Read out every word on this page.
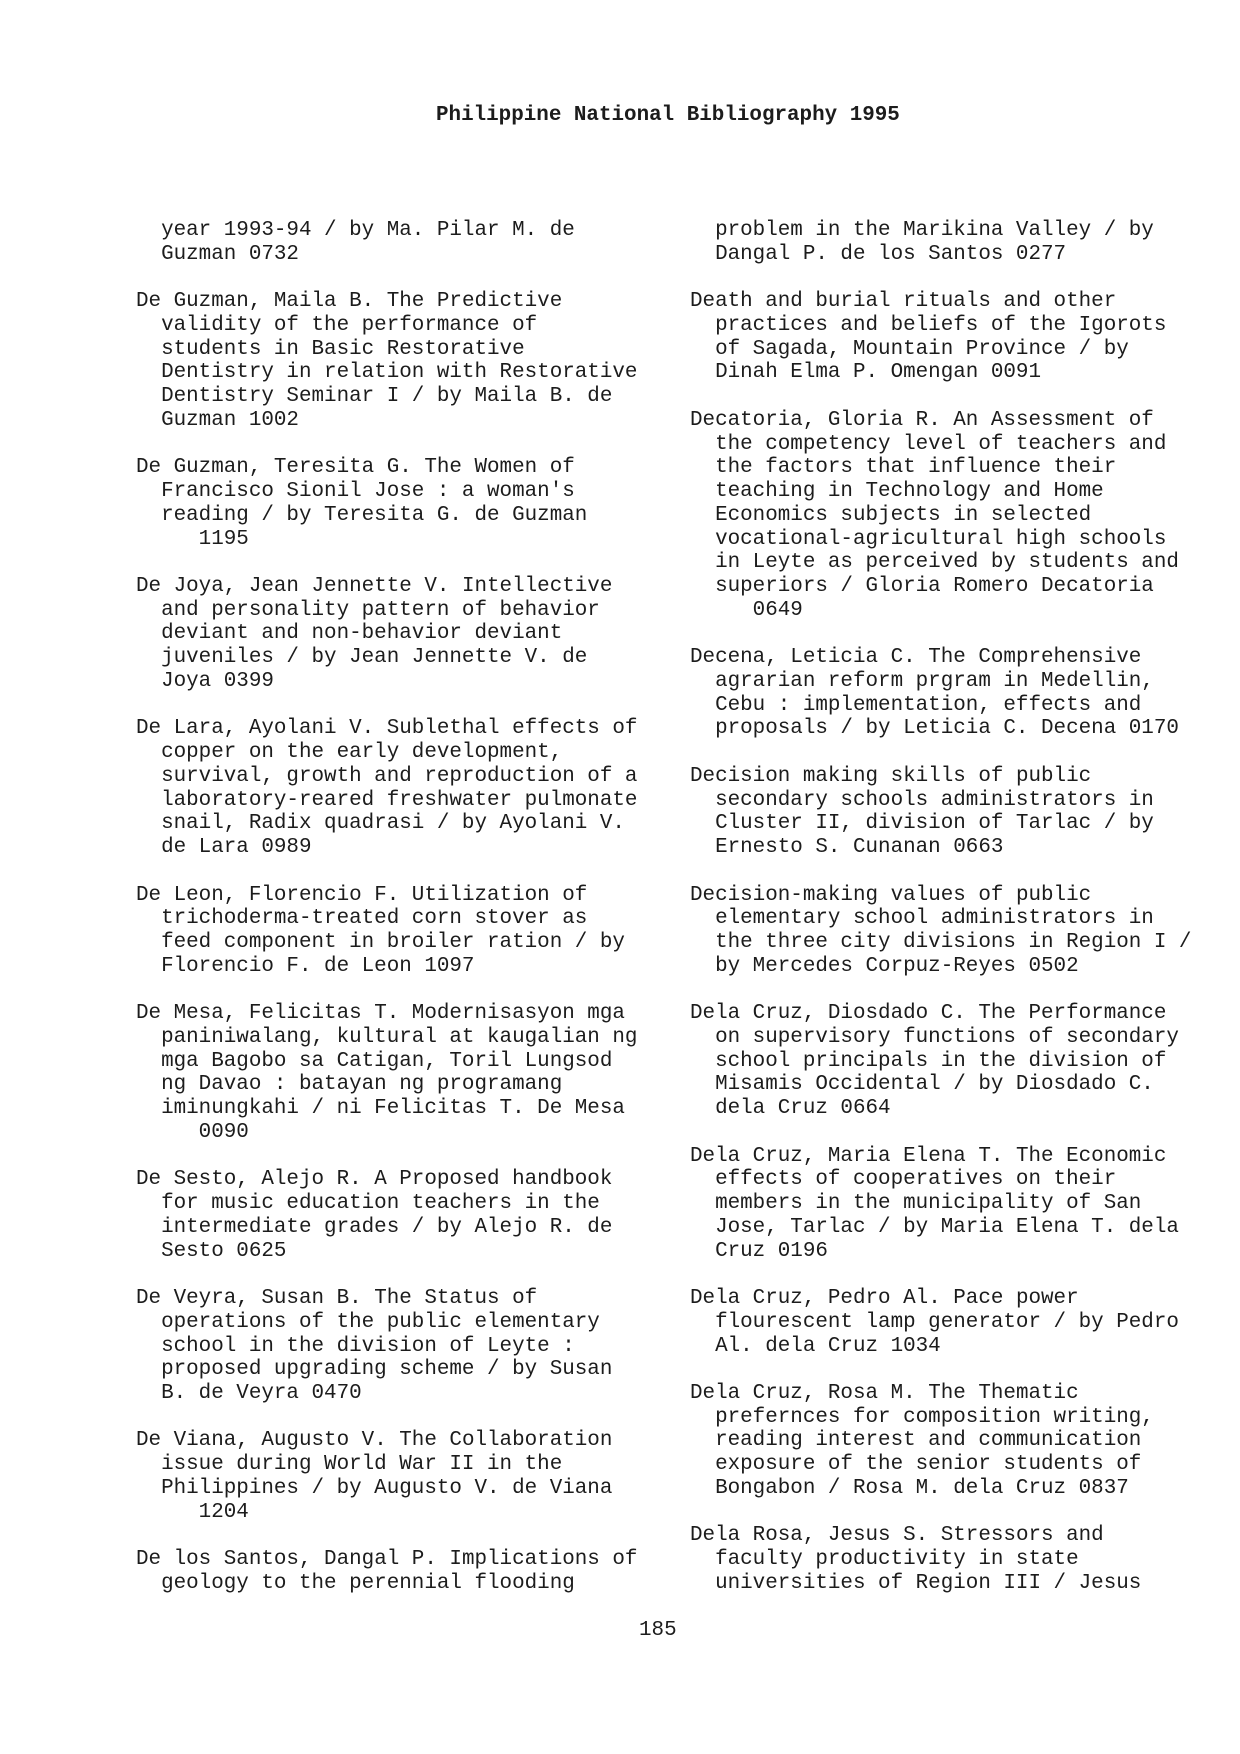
Philippine National Bibliography 1995
year 1993-94 / by Ma. Pilar M. de
Guzman 0732
De Guzman, Maila B. The Predictive
validity of the performance of
students in Basic Restorative
Dentistry in relation with Restorative
Dentistry Seminar I / by Maila B. de
Guzman 1002
De Guzman, Teresita G. The Women of
Francisco Sionil Jose : a woman's
reading / by Teresita G. de Guzman
1195
De Joya, Jean Jennette V. Intellective
and personality pattern of behavior
deviant and non-behavior deviant
juveniles / by Jean Jennette V. de
Joya 0399
De Lara, Ayolani V. Sublethal effects of
copper on the early development,
survival, growth and reproduction of a
laboratory-reared freshwater pulmonate
snail, Radix quadrasi / by Ayolani V.
de Lara 0989
De Leon, Florencio F. Utilization of
trichoderma-treated corn stover as
feed component in broiler ration / by
Florencio F. de Leon 1097
De Mesa, Felicitas T. Modernisasyon mga
paniniwalang, kultural at kaugalian ng
mga Bagobo sa Catigan, Toril Lungsod
ng Davao : batayan ng programang
iminungkahi / ni Felicitas T. De Mesa
0090
De Sesto, Alejo R. A Proposed handbook
for music education teachers in the
intermediate grades / by Alejo R. de
Sesto 0625
De Veyra, Susan B. The Status of
operations of the public elementary
school in the division of Leyte :
proposed upgrading scheme / by Susan
B. de Veyra 0470
De Viana, Augusto V. The Collaboration
issue during World War II in the
Philippines / by Augusto V. de Viana
1204
De los Santos, Dangal P. Implications of
geology to the perennial flooding
problem in the Marikina Valley / by
Dangal P. de los Santos 0277
Death and burial rituals and other
practices and beliefs of the Igorots
of Sagada, Mountain Province / by
Dinah Elma P. Omengan 0091
Decatoria, Gloria R. An Assessment of
the competency level of teachers and
the factors that influence their
teaching in Technology and Home
Economics subjects in selected
vocational-agricultural high schools
in Leyte as perceived by students and
superiors / Gloria Romero Decatoria
0649
Decena, Leticia C. The Comprehensive
agrarian reform prgram in Medellin,
Cebu : implementation, effects and
proposals / by Leticia C. Decena 0170
Decision making skills of public
secondary schools administrators in
Cluster II, division of Tarlac / by
Ernesto S. Cunanan 0663
Decision-making values of public
elementary school administrators in
the three city divisions in Region I /
by Mercedes Corpuz-Reyes 0502
Dela Cruz, Diosdado C. The Performance
on supervisory functions of secondary
school principals in the division of
Misamis Occidental / by Diosdado C.
dela Cruz 0664
Dela Cruz, Maria Elena T. The Economic
effects of cooperatives on their
members in the municipality of San
Jose, Tarlac / by Maria Elena T. dela
Cruz 0196
Dela Cruz, Pedro Al. Pace power
flourescent lamp generator / by Pedro
Al. dela Cruz 1034
Dela Cruz, Rosa M. The Thematic
prefernces for composition writing,
reading interest and communication
exposure of the senior students of
Bongabon / Rosa M. dela Cruz 0837
Dela Rosa, Jesus S. Stressors and
faculty productivity in state
universities of Region III / Jesus
185
